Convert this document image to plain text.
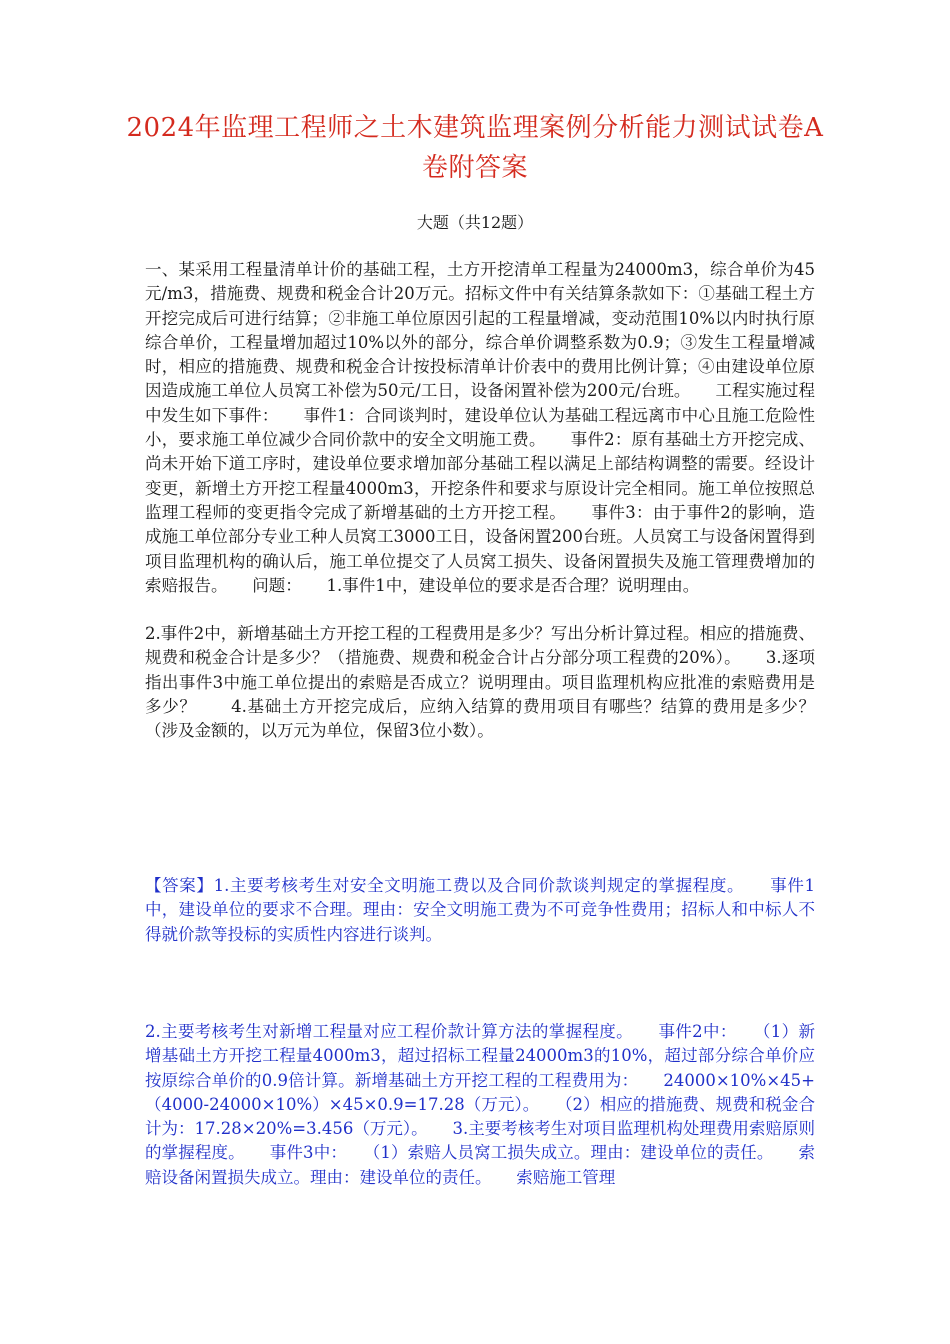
2024年监理工程师之土木建筑监理案例分析能力测试试卷A卷附答案
大题（共12题）

一、某采用工程量清单计价的基础工程，土方开挖清单工程量为24000m3，综合单价为45元/m3，措施费、规费和税金合计20万元。招标文件中有关结算条款如下：①基础工程土方开挖完成后可进行结算；②非施工单位原因引起的工程量增减，变动范围10%以内时执行原综合单价，工程量增加超过10%以外的部分，综合单价调整系数为0.9；③发生工程量增减时，相应的措施费、规费和税金合计按投标清单计价表中的费用比例计算；④由建设单位原因造成施工单位人员窝工补偿为50元/工日，设备闲置补偿为200元/台班。　　工程实施过程中发生如下事件：　　事件1：合同谈判时，建设单位认为基础工程远离市中心且施工危险性小，要求施工单位减少合同价款中的安全文明施工费。　　事件2：原有基础土方开挖完成、尚未开始下道工序时，建设单位要求增加部分基础工程以满足上部结构调整的需要。经设计变更，新增土方开挖工程量4000m3，开挖条件和要求与原设计完全相同。施工单位按照总监理工程师的变更指令完成了新增基础的土方开挖工程。　　事件3：由于事件2的影响，造成施工单位部分专业工种人员窝工3000工日，设备闲置200台班。人员窝工与设备闲置得到项目监理机构的确认后，施工单位提交了人员窝工损失、设备闲置损失及施工管理费增加的索赔报告。　　问题：　　1.事件1中，建设单位的要求是否合理？说明理由。

2.事件2中，新增基础土方开挖工程的工程费用是多少？写出分析计算过程。相应的措施费、规费和税金合计是多少？（措施费、规费和税金合计占分部分项工程费的20%）。　　3.逐项指出事件3中施工单位提出的索赔是否成立？说明理由。项目监理机构应批准的索赔费用是多少？　　4.基础土方开挖完成后，应纳入结算的费用项目有哪些？结算的费用是多少？（涉及金额的，以万元为单位，保留3位小数）。

【答案】1.主要考核考生对安全文明施工费以及合同价款谈判规定的掌握程度。　　事件1中，建设单位的要求不合理。理由：安全文明施工费为不可竞争性费用；招标人和中标人不得就价款等投标的实质性内容进行谈判。

2.主要考核考生对新增工程量对应工程价款计算方法的掌握程度。　　事件2中：　　（1）新增基础土方开挖工程量4000m3，超过招标工程量24000m3的10%，超过部分综合单价应按原综合单价的0.9倍计算。新增基础土方开挖工程的工程费用为：　　24000×10%×45+（4000-24000×10%）×45×0.9=17.28（万元）。　　（2）相应的措施费、规费和税金合计为：17.28×20%=3.456（万元）。　　3.主要考核考生对项目监理机构处理费用索赔原则的掌握程度。　　事件3中：　　（1）索赔人员窝工损失成立。理由：建设单位的责任。　　索赔设备闲置损失成立。理由：建设单位的责任。　　索赔施工管理
